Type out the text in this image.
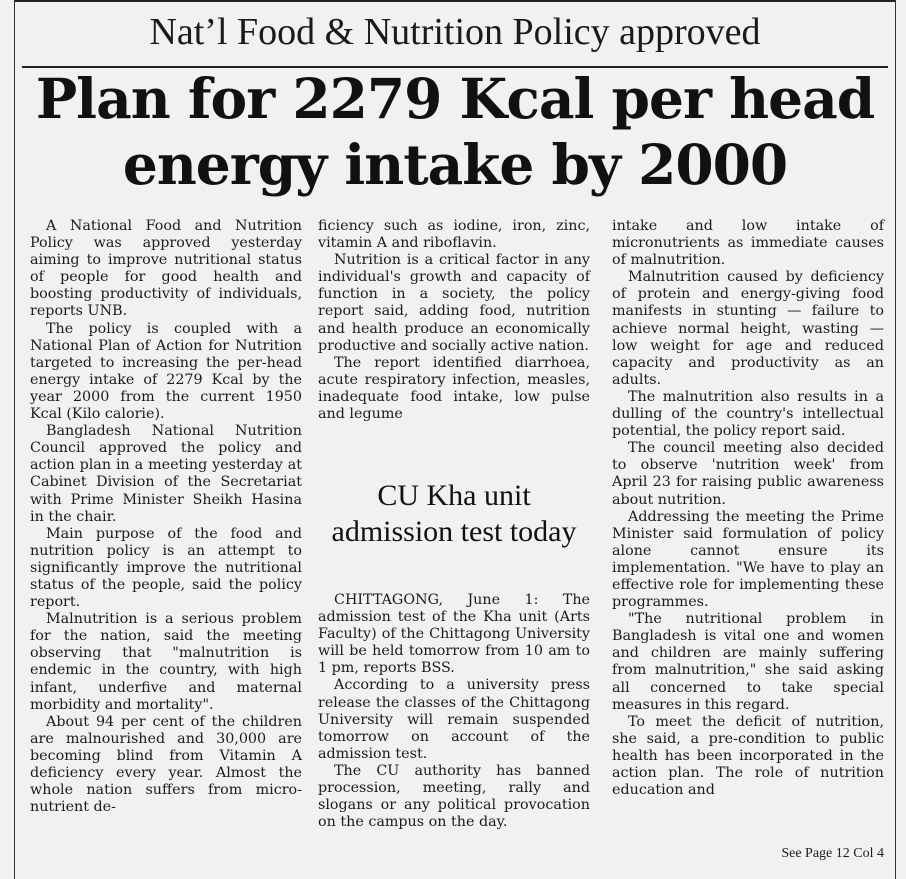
Nat’l Food & Nutrition Policy approved
Plan for 2279 Kcal per head
energy intake by 2000

A National Food and Nutrition Policy was approved yesterday aiming to improve nutritional status of people for good health and boosting productivity of individuals, reports UNB.

The policy is coupled with a National Plan of Action for Nutrition targeted to increasing the per-head energy intake of 2279 Kcal by the year 2000 from the current 1950 Kcal (Kilo calorie).

Bangladesh National Nutrition Council approved the policy and action plan in a meeting yesterday at Cabinet Division of the Secretariat with Prime Minister Sheikh Hasina in the chair.

Main purpose of the food and nutrition policy is an attempt to significantly improve the nutritional status of the people, said the policy report.

Malnutrition is a serious problem for the nation, said the meeting observing that "malnutrition is endemic in the country, with high infant, underfive and maternal morbidity and mortality".

About 94 per cent of the children are malnourished and 30,000 are becoming blind from Vitamin A deficiency every year. Almost the whole nation suffers from micro-nutrient de-

ficiency such as iodine, iron, zinc, vitamin A and riboflavin.

Nutrition is a critical factor in any individual's growth and capacity of function in a society, the policy report said, adding food, nutrition and health produce an economically productive and socially active nation.

The report identified diarrhoea, acute respiratory infection, measles, inadequate food intake, low pulse and legume

CU Kha unit admission test today

CHITTAGONG, June 1: The admission test of the Kha unit (Arts Faculty) of the Chittagong University will be held tomorrow from 10 am to 1 pm, reports BSS.

According to a university press release the classes of the Chittagong University will remain suspended tomorrow on account of the admission test.

The CU authority has banned procession, meeting, rally and slogans or any political provocation on the campus on the day.

intake and low intake of micronutrients as immediate causes of malnutrition.

Malnutrition caused by deficiency of protein and energy-giving food manifests in stunting — failure to achieve normal height, wasting — low weight for age and reduced capacity and productivity as an adults.

The malnutrition also results in a dulling of the country's intellectual potential, the policy report said.

The council meeting also decided to observe 'nutrition week' from April 23 for raising public awareness about nutrition.

Addressing the meeting the Prime Minister said formulation of policy alone cannot ensure its implementation. "We have to play an effective role for implementing these programmes.

"The nutritional problem in Bangladesh is vital one and women and children are mainly suffering from malnutrition," she said asking all concerned to take special measures in this regard.

To meet the deficit of nutrition, she said, a pre-condition to public health has been incorporated in the action plan. The role of nutrition education and

See Page 12 Col 4
